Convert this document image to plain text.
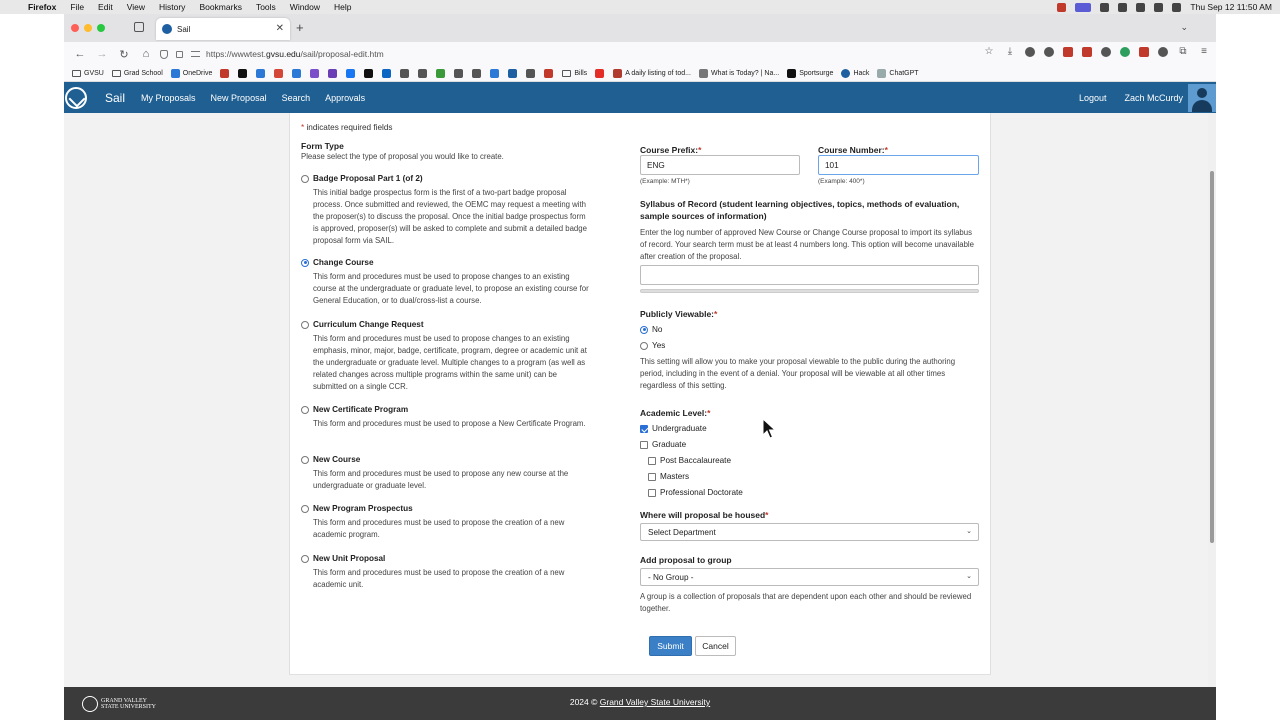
Firefox File Edit View History Bookmarks Tools Window Help	Thu Sep 12 11:50 AM
Sail	✕ +	⌄
← → ↻ ⌂	https://wwwtest. gvsu.edu /sail/proposal-edit.htm	☆	⤓	⧉	≡
GVSU	Grad School	OneDrive	Bills	A daily listing of tod...	What is Today? | Na...	Sportsurge	Hack	ChatGPT
Sail My Proposals New Proposal Search Approvals	Logout Zach McCurdy
* indicates required fields
Form Type
Please select the type of proposal you would like to create.
Badge Proposal Part 1 (of 2)
This initial badge prospectus form is the first of a two-part badge proposal process. Once submitted and reviewed, the OEMC may request a meeting with the proposer(s) to discuss the proposal. Once the initial badge prospectus form is approved, proposer(s) will be asked to complete and submit a detailed badge proposal form via SAIL.
Change Course
This form and procedures must be used to propose changes to an existing course at the undergraduate or graduate level, to propose an existing course for General Education, or to dual/cross-list a course.
Curriculum Change Request
This form and procedures must be used to propose changes to an existing emphasis, minor, major, badge, certificate, program, degree or academic unit at the undergraduate or graduate level. Multiple changes to a program (as well as related changes across multiple programs within the same unit) can be submitted on a single CCR.
New Certificate Program
This form and procedures must be used to propose a New Certificate Program.
New Course
This form and procedures must be used to propose any new course at the undergraduate or graduate level.
New Program Prospectus
This form and procedures must be used to propose the creation of a new academic program.
New Unit Proposal
This form and procedures must be used to propose the creation of a new academic unit.
Course Prefix:*
ENG
(Example: MTH*)
Course Number:*
101
(Example: 400*)
Syllabus of Record (student learning objectives, topics, methods of evaluation, sample sources of information)
Enter the log number of approved New Course or Change Course proposal to import its syllabus of record. Your search term must be at least 4 numbers long. This option will become unavailable after creation of the proposal.
Publicly Viewable:*
No
Yes
This setting will allow you to make your proposal viewable to the public during the authoring period, including in the event of a denial. Your proposal will be viewable at all other times regardless of this setting.
Academic Level:*
Undergraduate
Graduate
Post Baccalaureate
Masters
Professional Doctorate
Where will proposal be housed*
Select Department	⌄
Add proposal to group
- No Group -	⌄
A group is a collection of proposals that are dependent upon each other and should be reviewed together.
Submit	Cancel
GRAND VALLEY
STATE UNIVERSITY	2024 © Grand Valley State University
